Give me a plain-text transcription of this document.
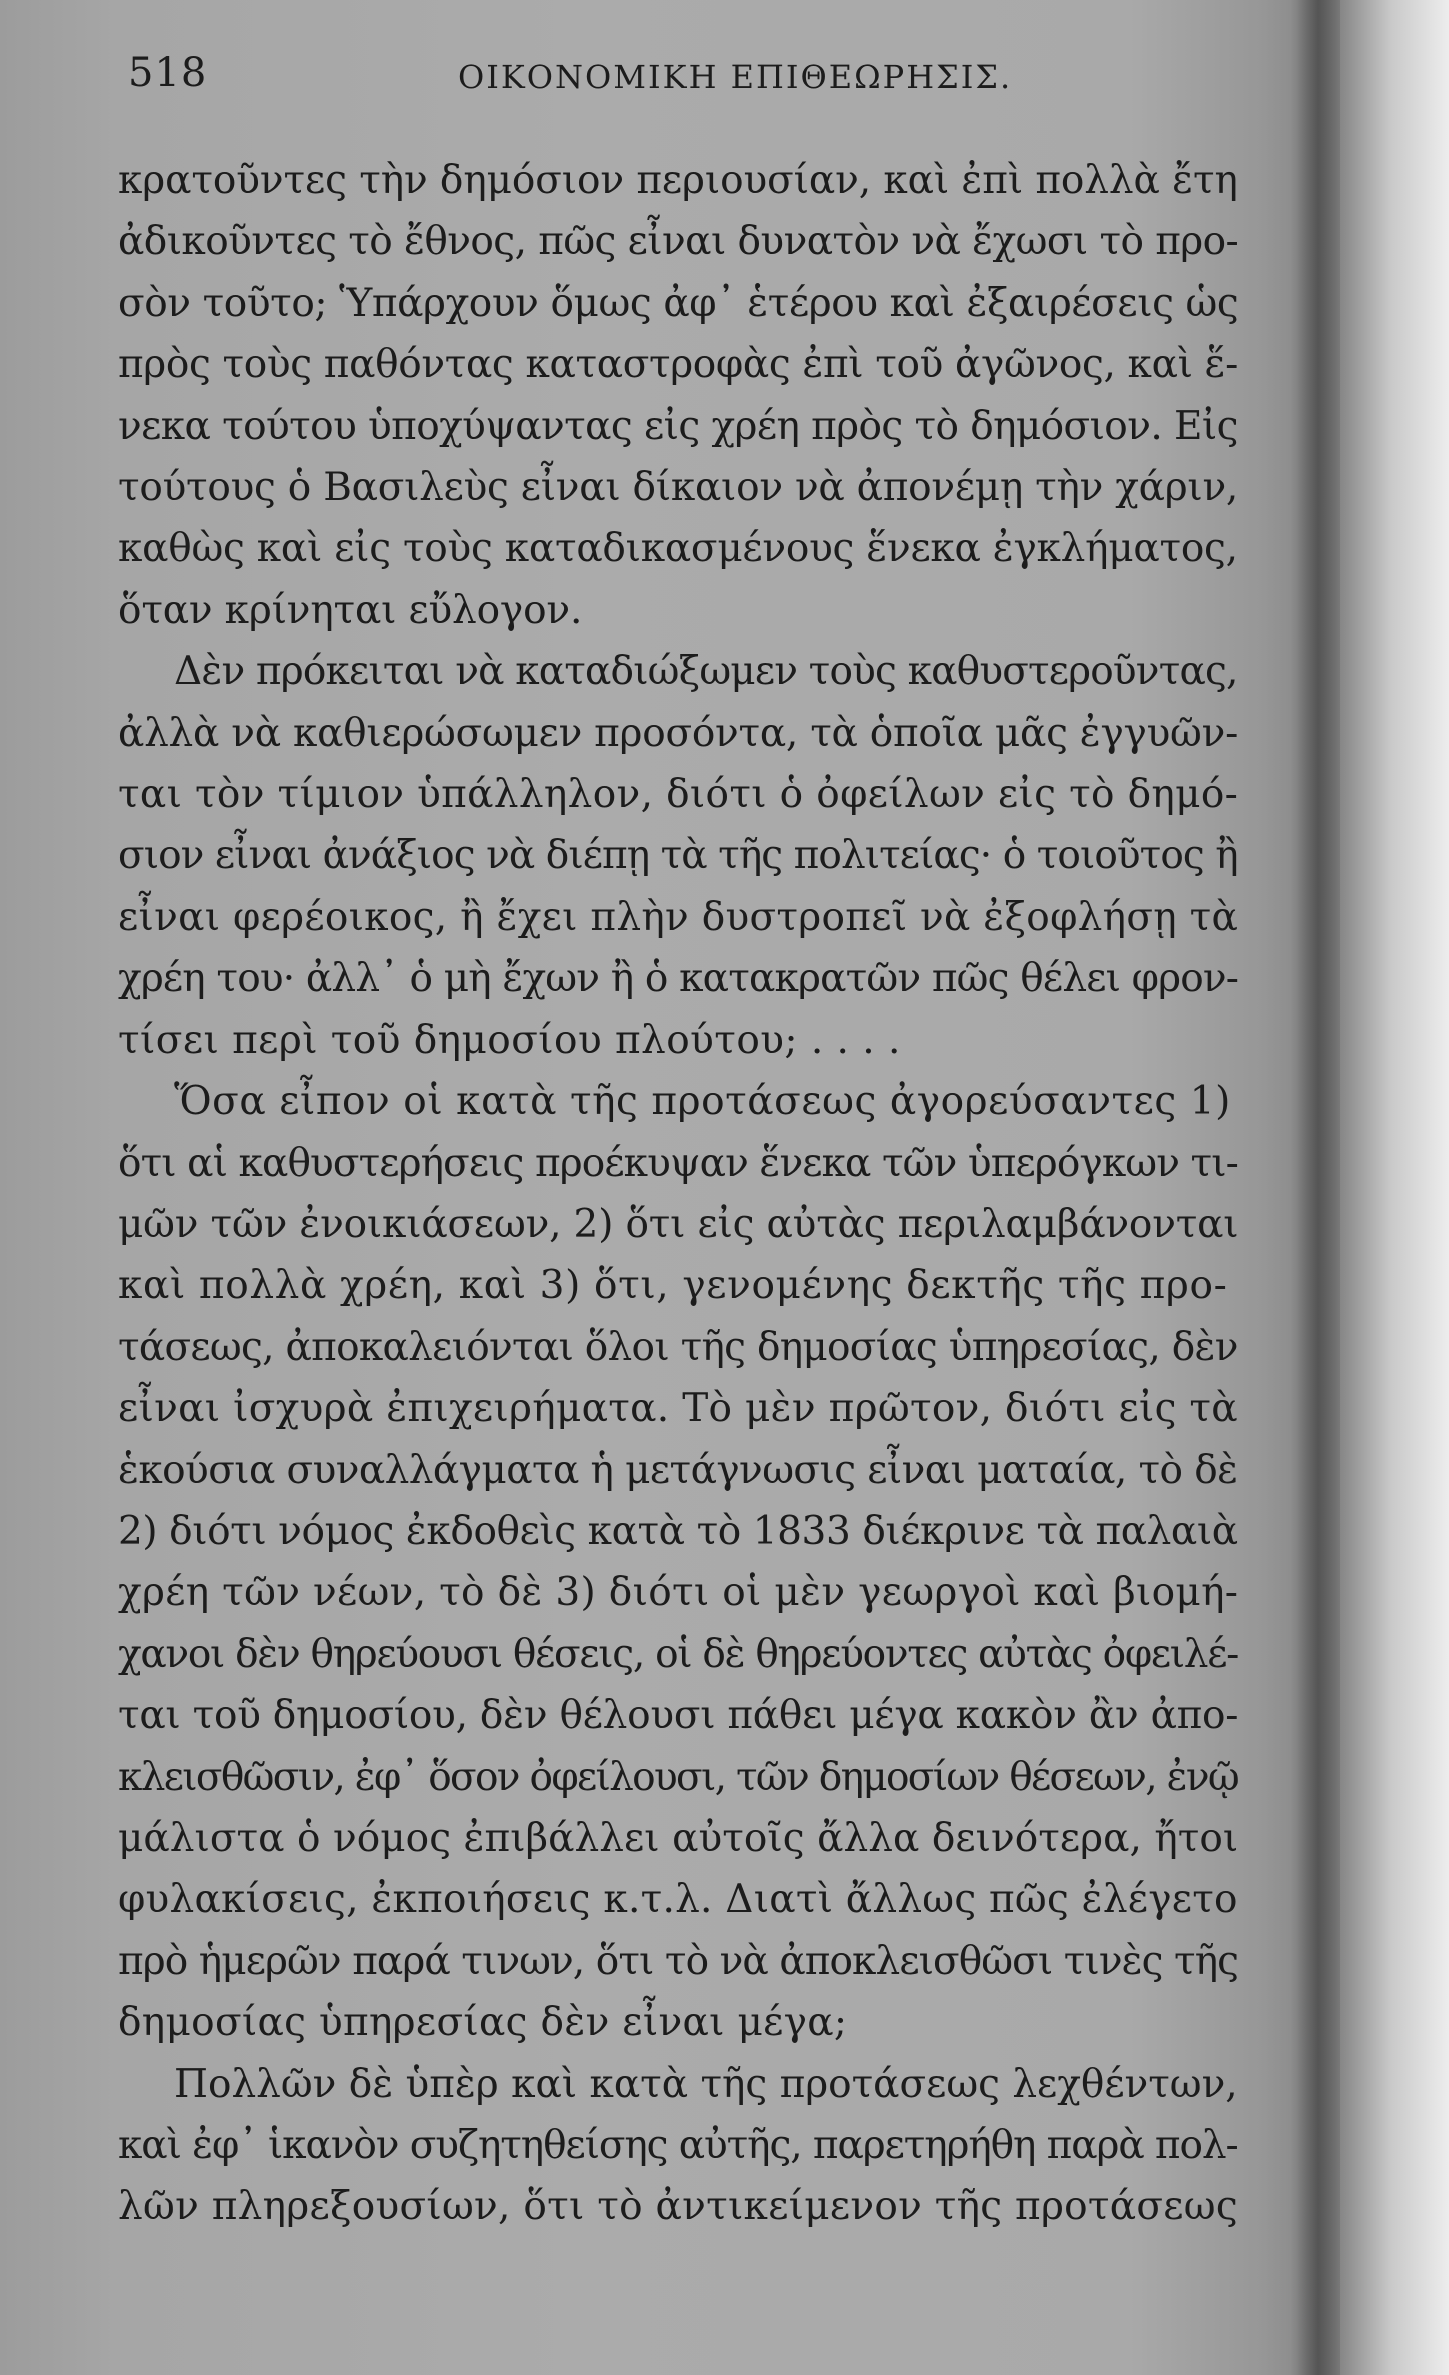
518	ΟΙΚΟΝΟΜΙΚΗ ΕΠΙΘΕΩΡΗΣΙΣ.
κρατοῦντες τὴν δημόσιον περιουσίαν, καὶ ἐπὶ πολλὰ ἔτη
ἀδικοῦντες τὸ ἔθνος, πῶς εἶναι δυνατὸν νὰ ἔχωσι τὸ προ-
σὸν τοῦτο; Ὑπάρχουν ὅμως ἀφ᾽ ἑτέρου καὶ ἐξαιρέσεις ὡς
πρὸς τοὺς παθόντας καταστροφὰς ἐπὶ τοῦ ἀγῶνος, καὶ ἕ-
νεκα τούτου ὑποχύψαντας εἰς χρέη πρὸς τὸ δημόσιον. Εἰς
τούτους ὁ Βασιλεὺς εἶναι δίκαιον νὰ ἀπονέμῃ τὴν χάριν,
καθὼς καὶ εἰς τοὺς καταδικασμένους ἕνεκα ἐγκλήματος,
ὅταν κρίνηται εὔλογον.
Δὲν πρόκειται νὰ καταδιώξωμεν τοὺς καθυστεροῦντας,
ἀλλὰ νὰ καθιερώσωμεν προσόντα, τὰ ὁποῖα μᾶς ἐγγυῶν-
ται τὸν τίμιον ὑπάλληλον, διότι ὁ ὀφείλων εἰς τὸ δημό-
σιον εἶναι ἀνάξιος νὰ διέπῃ τὰ τῆς πολιτείας· ὁ τοιοῦτος ἢ
εἶναι φερέοικος, ἢ ἔχει πλὴν δυστροπεῖ νὰ ἐξοφλήσῃ τὰ
χρέη του· ἀλλ᾽ ὁ μὴ ἔχων ἢ ὁ κατακρατῶν πῶς θέλει φρον-
τίσει περὶ τοῦ δημοσίου πλούτου; . . . .
Ὅσα εἶπον οἱ κατὰ τῆς προτάσεως ἀγορεύσαντες 1)
ὅτι αἱ καθυστερήσεις προέκυψαν ἕνεκα τῶν ὑπερόγκων τι-
μῶν τῶν ἐνοικιάσεων, 2) ὅτι εἰς αὐτὰς περιλαμβάνονται
καὶ πολλὰ χρέη, καὶ 3) ὅτι, γενομένης δεκτῆς τῆς προ-
τάσεως, ἀποκαλειόνται ὅλοι τῆς δημοσίας ὑπηρεσίας, δὲν
εἶναι ἰσχυρὰ ἐπιχειρήματα. Τὸ μὲν πρῶτον, διότι εἰς τὰ
ἑκούσια συναλλάγματα ἡ μετάγνωσις εἶναι ματαία, τὸ δὲ
2) διότι νόμος ἐκδοθεὶς κατὰ τὸ 1833 διέκρινε τὰ παλαιὰ
χρέη τῶν νέων, τὸ δὲ 3) διότι οἱ μὲν γεωργοὶ καὶ βιομή-
χανοι δὲν θηρεύουσι θέσεις, οἱ δὲ θηρεύοντες αὐτὰς ὀφειλέ-
ται τοῦ δημοσίου, δὲν θέλουσι πάθει μέγα κακὸν ἂν ἀπο-
κλεισθῶσιν, ἐφ᾽ ὅσον ὀφείλουσι, τῶν δημοσίων θέσεων, ἐνῷ
μάλιστα ὁ νόμος ἐπιβάλλει αὐτοῖς ἄλλα δεινότερα, ἤτοι
φυλακίσεις, ἐκποιήσεις κ.τ.λ. Διατὶ ἄλλως πῶς ἐλέγετο
πρὸ ἡμερῶν παρά τινων, ὅτι τὸ νὰ ἀποκλεισθῶσι τινὲς τῆς
δημοσίας ὑπηρεσίας δὲν εἶναι μέγα;
Πολλῶν δὲ ὑπὲρ καὶ κατὰ τῆς προτάσεως λεχθέντων,
καὶ ἐφ᾽ ἱκανὸν συζητηθείσης αὐτῆς, παρετηρήθη παρὰ πολ-
λῶν πληρεξουσίων, ὅτι τὸ ἀντικείμενον τῆς προτάσεως
